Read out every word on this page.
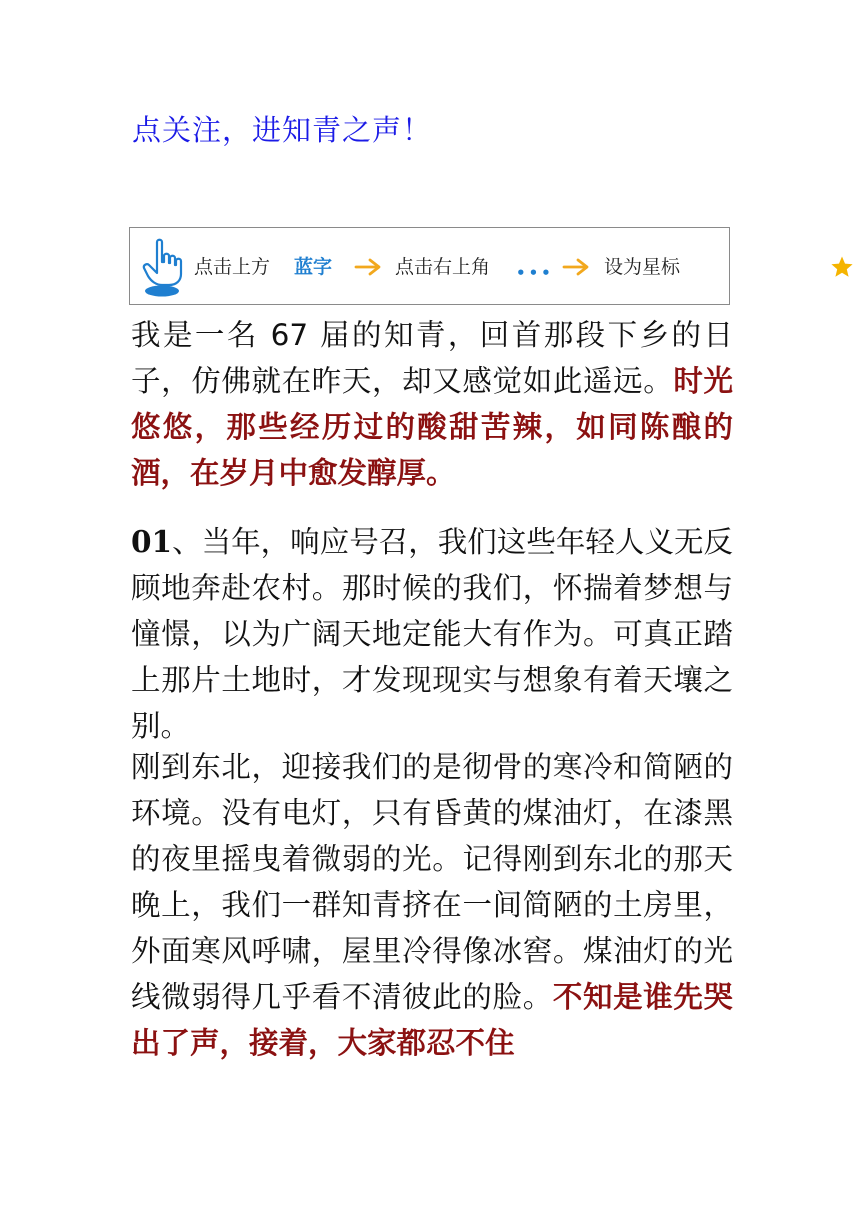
点关注，进知青之声！
点击上方 蓝字	点击右上角 •••	设为星标

我是一名 67 届的知青，回首那段下乡的日子，仿佛就在昨天，却又感觉如此遥远。时光悠悠，那些经历过的酸甜苦辣，如同陈酿的酒，在岁月中愈发醇厚。

01、当年，响应号召，我们这些年轻人义无反顾地奔赴农村。那时候的我们，怀揣着梦想与憧憬，以为广阔天地定能大有作为。可真正踏上那片土地时，才发现现实与想象有着天壤之别。

刚到东北，迎接我们的是彻骨的寒冷和简陋的环境。没有电灯，只有昏黄的煤油灯，在漆黑的夜里摇曳着微弱的光。记得刚到东北的那天晚上，我们一群知青挤在一间简陋的土房里，外面寒风呼啸，屋里冷得像冰窖。煤油灯的光线微弱得几乎看不清彼此的脸。不知是谁先哭出了声，接着，大家都忍不住
